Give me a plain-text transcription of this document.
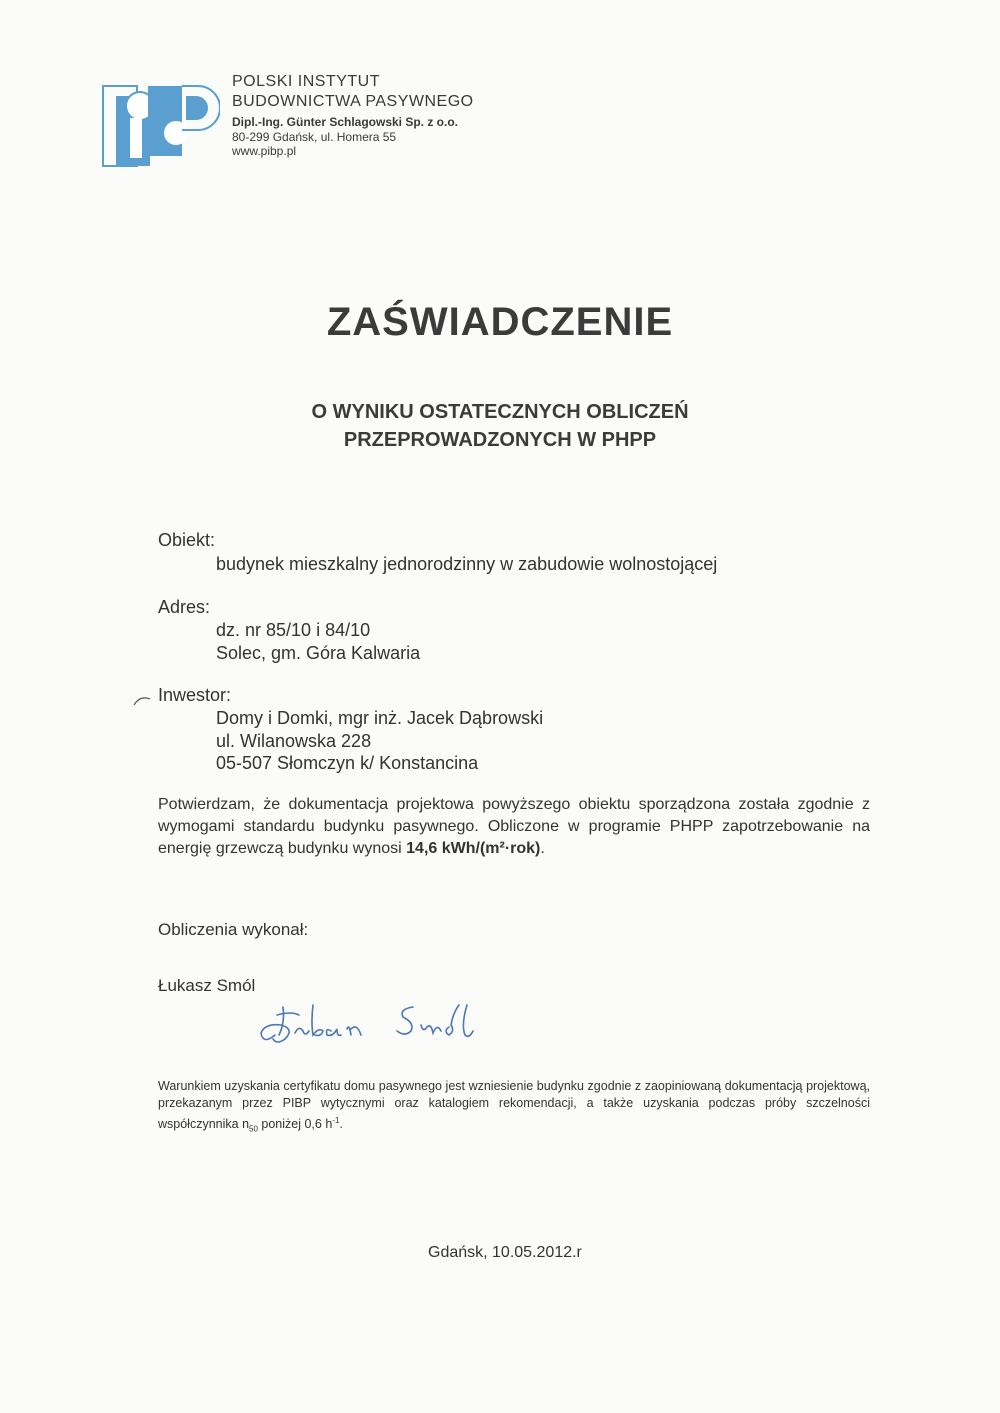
POLSKI INSTYTUT
BUDOWNICTWA PASYWNEGO
Dipl.-Ing. Günter Schlagowski Sp. z o.o.
80-299 Gdańsk, ul. Homera 55
www.pibp.pl
ZAŚWIADCZENIE
O WYNIKU OSTATECZNYCH OBLICZEŃ
PRZEPROWADZONYCH W PHPP
Obiekt:
budynek mieszkalny jednorodzinny w zabudowie wolnostojącej
Adres:
dz. nr 85/10 i 84/10
Solec, gm. Góra Kalwaria
Inwestor:
Domy i Domki, mgr inż. Jacek Dąbrowski
ul. Wilanowska 228
05-507 Słomczyn k/ Konstancina
Potwierdzam, że dokumentacja projektowa powyższego obiektu sporządzona została zgodnie z wymogami standardu budynku pasywnego. Obliczone w programie PHPP zapotrzebowanie na energię grzewczą budynku wynosi 14,6 kWh/(m²·rok).
Obliczenia wykonał:
Łukasz Smól
Warunkiem uzyskania certyfikatu domu pasywnego jest wzniesienie budynku zgodnie z zaopiniowaną dokumentacją projektową, przekazanym przez PIBP wytycznymi oraz katalogiem rekomendacji, a także uzyskania podczas próby szczelności współczynnika $n_{50}$ poniżej 0,6 $h^{-1}$.
Gdańsk, 10.05.2012.r
